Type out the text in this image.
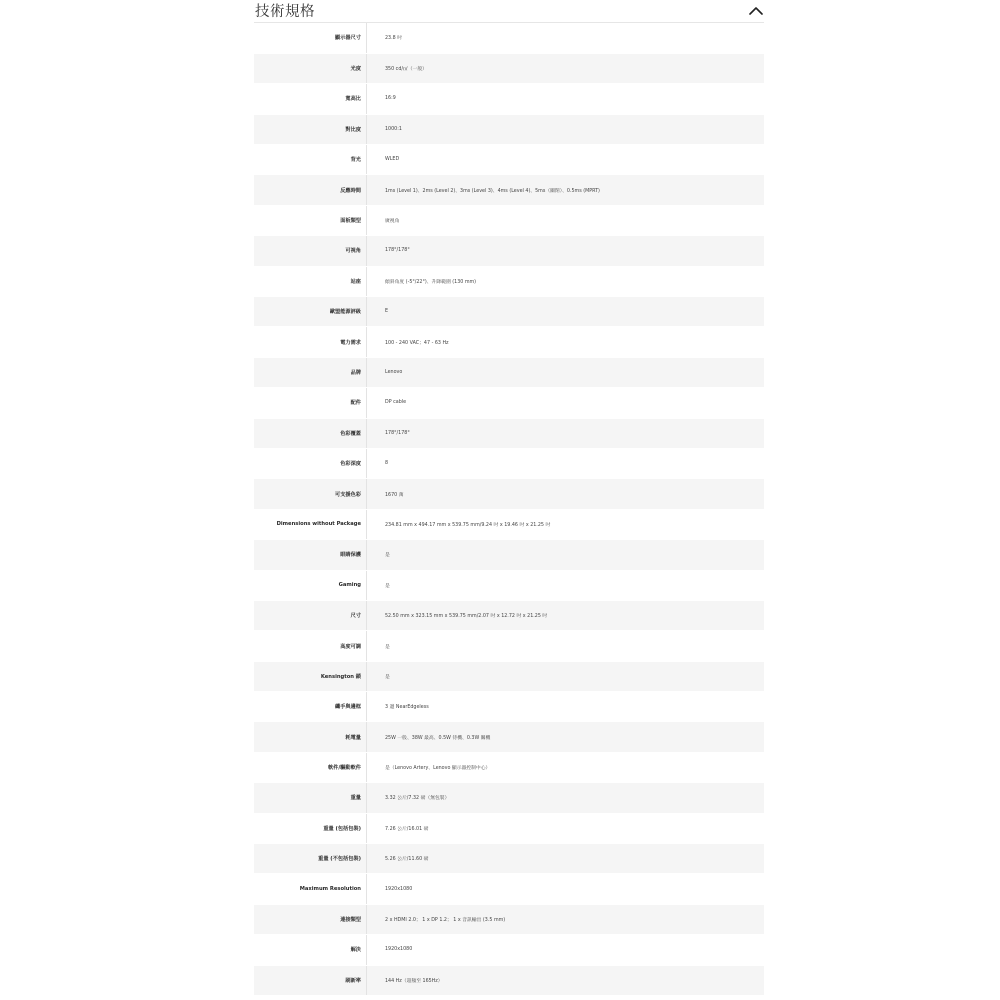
技術規格
顯示器尺寸	23.8 吋
光度	350 cd/㎡（一般）
寬高比	16:9
對比度	1000:1
背光	WLED
反應時間	1ms (Level 1)、2ms (Level 2)、3ms (Level 3)、4ms (Level 4)、5ms（關閉）、0.5ms (MPRT)
面板類型	廣視角
可視角	178°/178°
站座	傾斜角度 (-5°/22°)、升降範圍 (130 mm)
歐盟能源評級	E
電力需求	100 - 240 VAC；47 - 63 Hz
品牌	Lenovo
配件	DP cable
色彩覆蓋	178°/178°
色彩深度	8
可支援色彩	1670 萬
Dimensions without Package	234.81 mm x 494.17 mm x 539.75 mm/9.24 吋 x 19.46 吋 x 21.25 吋
眼睛保護	是
Gaming	是
尺寸	52.50 mm x 323.15 mm x 539.75 mm/2.07 吋 x 12.72 吋 x 21.25 吋
高度可調	是
Kensington 鎖	是
纖手與邊框	3 邊 NearEdgeless
耗電量	25W 一般、38W 最高、0.5W 待機、0.3W 關機
軟件/驅動軟件	是（Lenovo Artery、Lenovo 顯示器控制中心）
重量	3.32 公斤/7.32 磅（無包裝）
重量 (包括包裝)	7.26 公斤/16.01 磅
重量 (不包括包裝)	5.26 公斤/11.60 磅
Maximum Resolution	1920x1080
連接類型	2 x HDMI 2.0； 1 x DP 1.2； 1 x 音訊輸出 (3.5 mm)
解決	1920x1080
刷新率	144 Hz（超頻至 165Hz）
